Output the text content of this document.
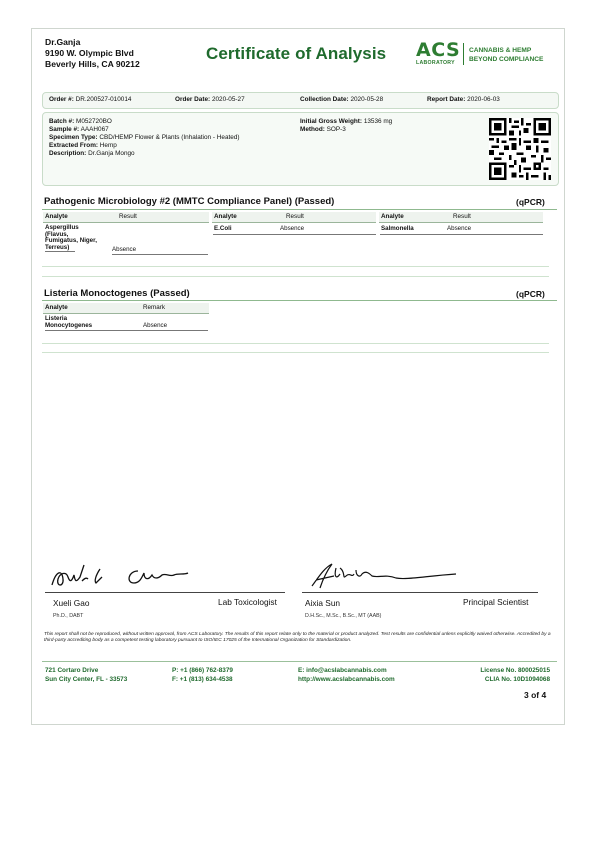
Dr.Ganja
9190 W. Olympic Blvd
Beverly Hills, CA 90212
Certificate of Analysis ACS
LABORATORY
CANNABIS & HEMP
BEYOND COMPLIANCE
Order #: DR.200527-010014	Order Date: 2020-05-27	Collection Date: 2020-05-28	Report Date: 2020-06-03
Batch #: M052720BO
Sample #: AAAH067
Specimen Type: CBD/HEMP Flower & Plants (Inhalation - Heated)
Extracted From: Hemp
Description: Dr.Ganja Mongo
Initial Gross Weight: 13536 mg
Method: SOP-3
Pathogenic Microbiology #2 (MMTC Compliance Panel) (Passed)	(qPCR)
Analyte	Result	Analyte	Result	Analyte	Result
Aspergillus
(Flavus,
Fumigatus, Niger,
Terreus)	Absence
E.Coli	Absence	Salmonella	Absence
Listeria Monoctogenes (Passed)	(qPCR)
Analyte	Remark
Listeria
Monocytogenes	Absence
Xueli Gao	Lab Toxicologist
Ph.D., DABT
Aixia Sun	Principal Scientist
D.H.Sc., M.Sc., B.Sc., MT (AAB)
This report shall not be reproduced, without written approval, from ACS Laboratory. The results of this report relate only to the material or product analyzed. Test results are confidential unless explicitly waived otherwise. Accredited by a third-party accrediting body as a competent testing laboratory pursuant to ISO/IEC 17025 of the International Organization for Standardization.
721 Cortaro Drive
Sun City Center, FL - 33573
P: +1 (866) 762-8379
F: +1 (813) 634-4538
E: info@acslabcannabis.com
http://www.acslabcannabis.com
License No. 800025015
CLIA No. 10D1094068
3 of 4
